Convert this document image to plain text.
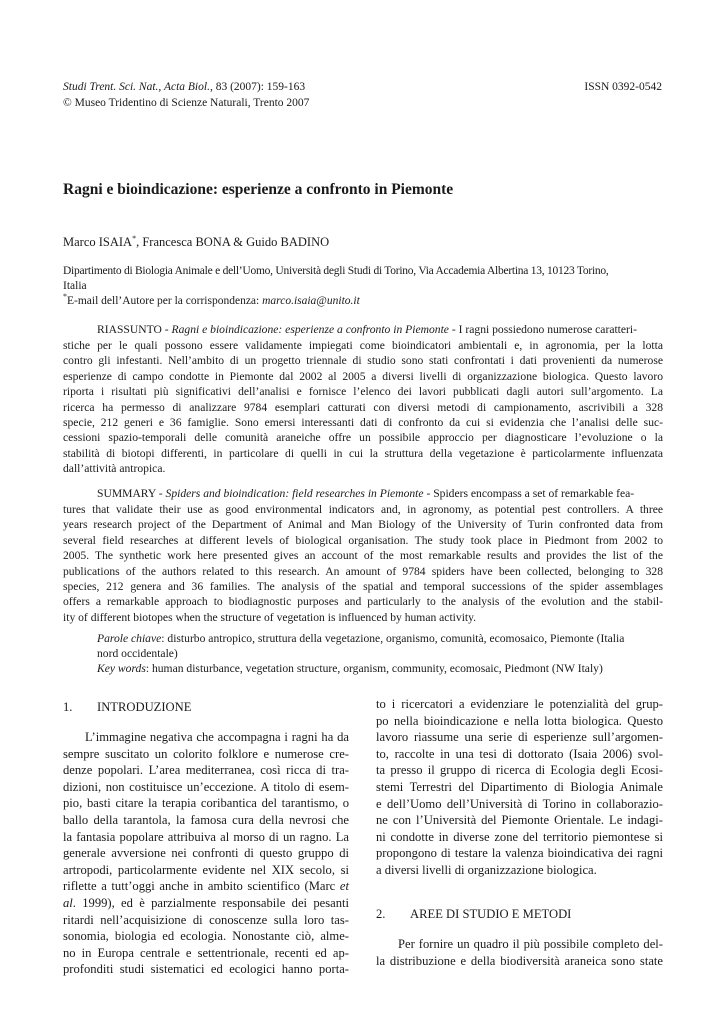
Studi Trent. Sci. Nat., Acta Biol., 83 (2007): 159-163
© Museo Tridentino di Scienze Naturali, Trento 2007
ISSN 0392-0542
Ragni e bioindicazione: esperienze a confronto in Piemonte
Marco ISAIA*, Francesca BONA & Guido BADINO
Dipartimento di Biologia Animale e dell’Uomo, Università degli Studi di Torino, Via Accademia Albertina 13, 10123 Torino,
Italia
*E-mail dell’Autore per la corrispondenza: marco.isaia@unito.it
RIASSUNTO - Ragni e bioindicazione: esperienze a confronto in Piemonte - I ragni possiedono numerose caratteri-
stiche per le quali possono essere validamente impiegati come bioindicatori ambientali e, in agronomia, per la lotta
contro gli infestanti. Nell’ambito di un progetto triennale di studio sono stati confrontati i dati provenienti da numerose
esperienze di campo condotte in Piemonte dal 2002 al 2005 a diversi livelli di organizzazione biologica. Questo lavoro
riporta i risultati più significativi dell’analisi e fornisce l’elenco dei lavori pubblicati dagli autori sull’argomento. La
ricerca ha permesso di analizzare 9784 esemplari catturati con diversi metodi di campionamento, ascrivibili a 328
specie, 212 generi e 36 famiglie. Sono emersi interessanti dati di confronto da cui si evidenzia che l’analisi delle suc-
cessioni spazio-temporali delle comunità araneiche offre un possibile approccio per diagnosticare l’evoluzione o la
stabilità di biotopi differenti, in particolare di quelli in cui la struttura della vegetazione è particolarmente influenzata
dall’attività antropica.
SUMMARY - Spiders and bioindication: field researches in Piemonte - Spiders encompass a set of remarkable fea-
tures that validate their use as good environmental indicators and, in agronomy, as potential pest controllers. A three
years research project of the Department of Animal and Man Biology of the University of Turin confronted data from
several field researches at different levels of biological organisation. The study took place in Piedmont from 2002 to
2005. The synthetic work here presented gives an account of the most remarkable results and provides the list of the
publications of the authors related to this research. An amount of 9784 spiders have been collected, belonging to 328
species, 212 genera and 36 families. The analysis of the spatial and temporal successions of the spider assemblages
offers a remarkable approach to biodiagnostic purposes and particularly to the analysis of the evolution and the stabil-
ity of different biotopes when the structure of vegetation is influenced by human activity.
Parole chiave: disturbo antropico, struttura della vegetazione, organismo, comunità, ecomosaico, Piemonte (Italia
nord occidentale)
Key words: human disturbance, vegetation structure, organism, community, ecomosaic, Piedmont (NW Italy)
1. INTRODUZIONE
L’immagine negativa che accompagna i ragni ha da
sempre suscitato un colorito folklore e numerose cre-
denze popolari. L’area mediterranea, così ricca di tra-
dizioni, non costituisce un’eccezione. A titolo di esem-
pio, basti citare la terapia coribantica del tarantismo, o
ballo della tarantola, la famosa cura della nevrosi che
la fantasia popolare attribuiva al morso di un ragno. La
generale avversione nei confronti di questo gruppo di
artropodi, particolarmente evidente nel XIX secolo, si
riflette a tutt’oggi anche in ambito scientifico (Marc et
al. 1999), ed è parzialmente responsabile dei pesanti
ritardi nell’acquisizione di conoscenze sulla loro tas-
sonomia, biologia ed ecologia. Nonostante ciò, almе-
no in Europa centrale e settentrionale, recenti ed ap-
profonditi studi sistematici ed ecologici hanno porta-
to i ricercatori a evidenziare le potenzialità del grup-
po nella bioindicazione e nella lotta biologica. Questo
lavoro riassume una serie di esperienze sull’argomen-
to, raccolte in una tesi di dottorato (Isaia 2006) svol-
ta presso il gruppo di ricerca di Ecologia degli Ecosi-
stemi Terrestri del Dipartimento di Biologia Animale
e dell’Uomo dell’Università di Torino in collaborazio-
ne con l’Università del Piemonte Orientale. Le indagi-
ni condotte in diverse zone del territorio piemontese si
propongono di testare la valenza bioindicativa dei ragni
a diversi livelli di organizzazione biologica.
2. AREE DI STUDIO E METODI
Per fornire un quadro il più possibile completo del-
la distribuzione e della biodiversità araneica sono state
